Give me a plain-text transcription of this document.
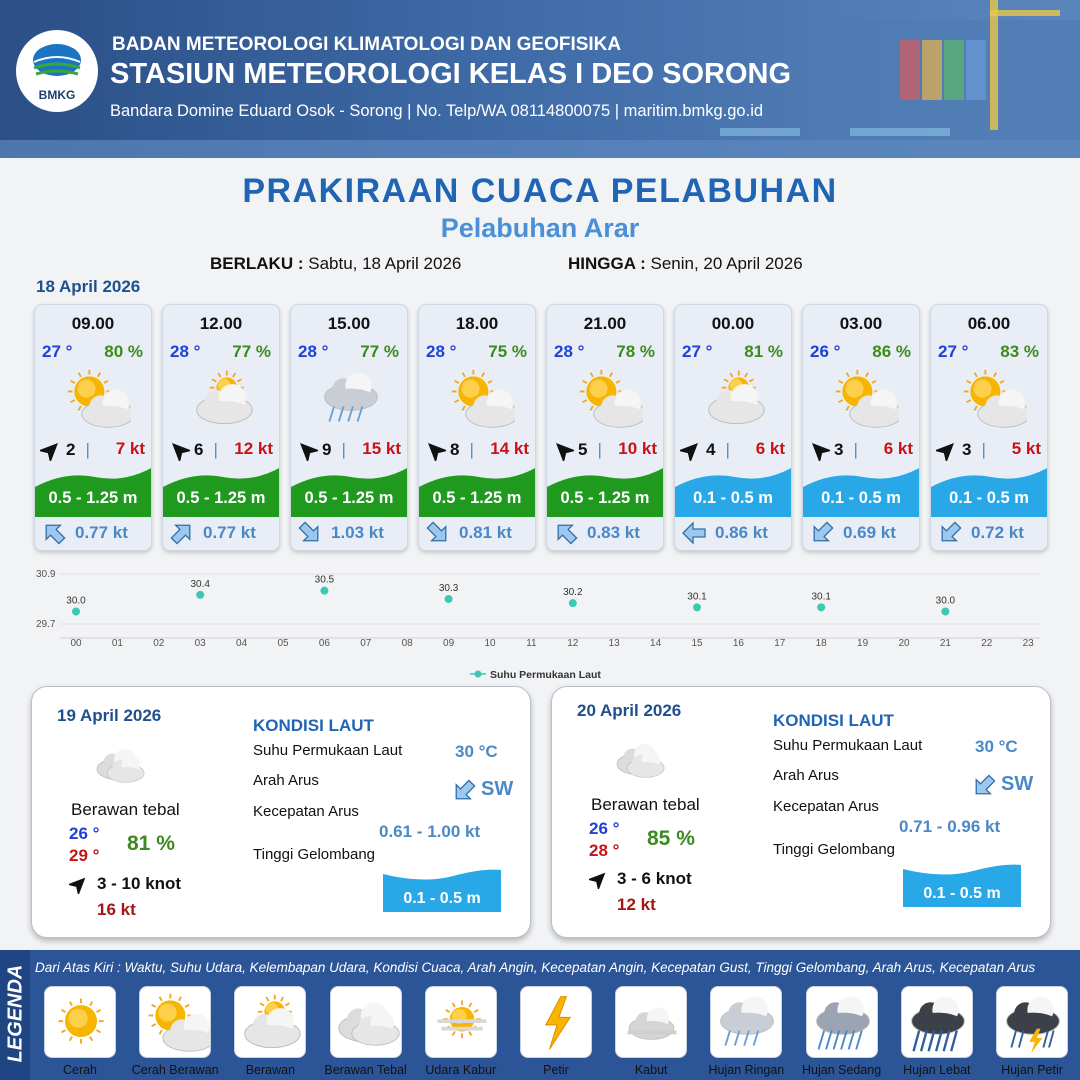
BMKG
BADAN METEOROLOGI KLIMATOLOGI DAN GEOFISIKA
STASIUN METEOROLOGI KELAS I DEO SORONG
Bandara Domine Eduard Osok - Sorong | No. Telp/WA 08114800075 | maritim.bmkg.go.id
PRAKIRAAN CUACA PELABUHAN
Pelabuhan Arar
BERLAKU : Sabtu, 18 April 2026	HINGGA : Senin, 20 April 2026
18 April 2026
09.00
27 ° 80 %
2 | 7 kt
0.5 - 1.25 m
0.77 kt
12.00
28 ° 77 %
6 | 12 kt
0.5 - 1.25 m
0.77 kt
15.00
28 ° 77 %
9 | 15 kt
0.5 - 1.25 m
1.03 kt
18.00
28 ° 75 %
8 | 14 kt
0.5 - 1.25 m
0.81 kt
21.00
28 ° 78 %
5 | 10 kt
0.5 - 1.25 m
0.83 kt
00.00
27 ° 81 %
4 | 6 kt
0.1 - 0.5 m
0.86 kt
03.00
26 ° 86 %
3 | 6 kt
0.1 - 0.5 m
0.69 kt
06.00
27 ° 83 %
3 | 5 kt
0.1 - 0.5 m
0.72 kt
30.9
29.7
00	01	02	03	04	05	06	07	08	09	10	11	12	13	14	15	16	17	18	19	20	21	22	23
30.0
30.4	30.5
30.3	30.2	30.1	30.1	30.0
Suhu Permukaan Laut
19 April 2026
Berawan tebal
26 °
29 °
81 %
3 - 10 knot
16 kt
KONDISI LAUT
Suhu Permukaan Laut	30 °C
Arah Arus	SW
Kecepatan Arus
0.61 - 1.00 kt
Tinggi Gelombang
0.1 - 0.5 m
20 April 2026
Berawan tebal
26 °
28 °
85 %
3 - 6 knot
12 kt
KONDISI LAUT
Suhu Permukaan Laut	30 °C
Arah Arus	SW
Kecepatan Arus
0.71 - 0.96 kt
Tinggi Gelombang
0.1 - 0.5 m
LEGENDA Dari Atas Kiri : Waktu, Suhu Udara, Kelembapan Udara, Kondisi Cuaca, Arah Angin, Kecepatan Angin, Kecepatan Gust, Tinggi Gelombang, Arah Arus, Kecepatan Arus
Cerah	Cerah Berawan	Berawan	Berawan Tebal	Udara Kabur	Petir	Kabut	Hujan Ringan	Hujan Sedang	Hujan Lebat	Hujan Petir
